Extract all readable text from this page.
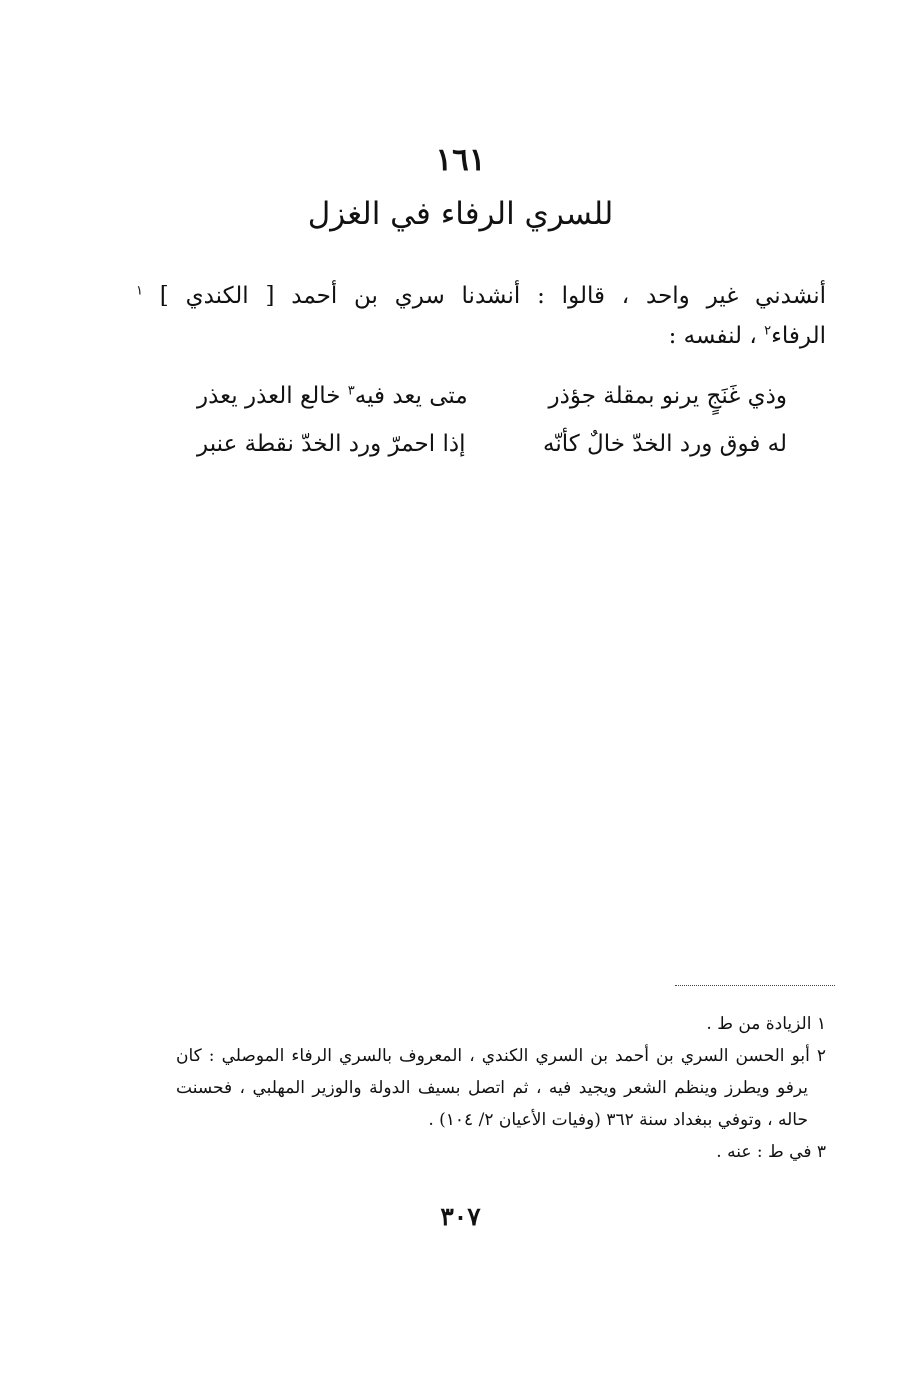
١٦١
للسري الرفاء في الغزل
أنشدني غير واحد ، قالوا : أنشدنا سري بن أحمد [ الكندي ] $^١$
الرفاء$^٢$ ، لنفسه :
وذي غَنَجٍ يرنو بمقلة جؤذر
متى يعد فيه$^٣$ خالع العذر يعذر
له فوق ورد الخدّ خالٌ كأنّه
إذا احمرّ ورد الخدّ نقطة عنبر
١ الزيادة من ط .
٢ أبو الحسن السري بن أحمد بن السري الكندي ، المعروف بالسري الرفاء الموصلي : كان
يرفو ويطرز وينظم الشعر ويجيد فيه ، ثم اتصل بسيف الدولة والوزير المهلبي ، فحسنت
حاله ، وتوفي ببغداد سنة ٣٦٢ (وفيات الأعيان ٢/ ١٠٤) .
٣ في ط : عنه .
٣٠٧
